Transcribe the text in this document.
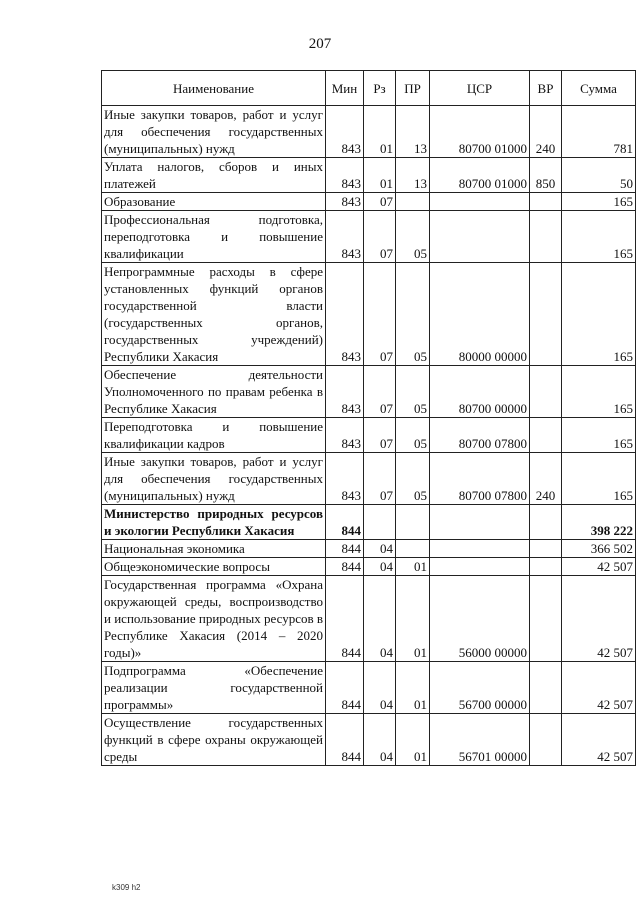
207
Наименование	Мин	Рз	ПР	ЦСР	ВР	Сумма
Иные закупки товаров, работ и услуг для обеспечения государственных (муниципальных) нужд	843	01	13	80700 01000	240	781
Уплата налогов, сборов и иных платежей	843	01	13	80700 01000	850	50
Образование	843	07				165
Профессиональная подготовка, переподготовка и повышение квалификации	843	07	05			165
Непрограммные расходы в сфере установленных функций органов государственной власти (государственных органов, государственных учреждений) Республики Хакасия	843	07	05	80000 00000		165
Обеспечение деятельности Уполномоченного по правам ребенка в Республике Хакасия	843	07	05	80700 00000		165
Переподготовка и повышение квалификации кадров	843	07	05	80700 07800		165
Иные закупки товаров, работ и услуг для обеспечения государственных (муниципальных) нужд	843	07	05	80700 07800	240	165
Министерство природных ресурсов и экологии Республики Хакасия	844					398 222
Национальная экономика	844	04				366 502
Общеэкономические вопросы	844	04	01			42 507
Государственная программа «Охрана окружающей среды, воспроизводство и использование природных ресурсов в Республике Хакасия (2014 – 2020 годы)»	844	04	01	56000 00000		42 507
Подпрограмма «Обеспечение реализации государственной программы»	844	04	01	56700 00000		42 507
Осуществление государственных функций в сфере охраны окружающей среды	844	04	01	56701 00000		42 507
k309 h2
